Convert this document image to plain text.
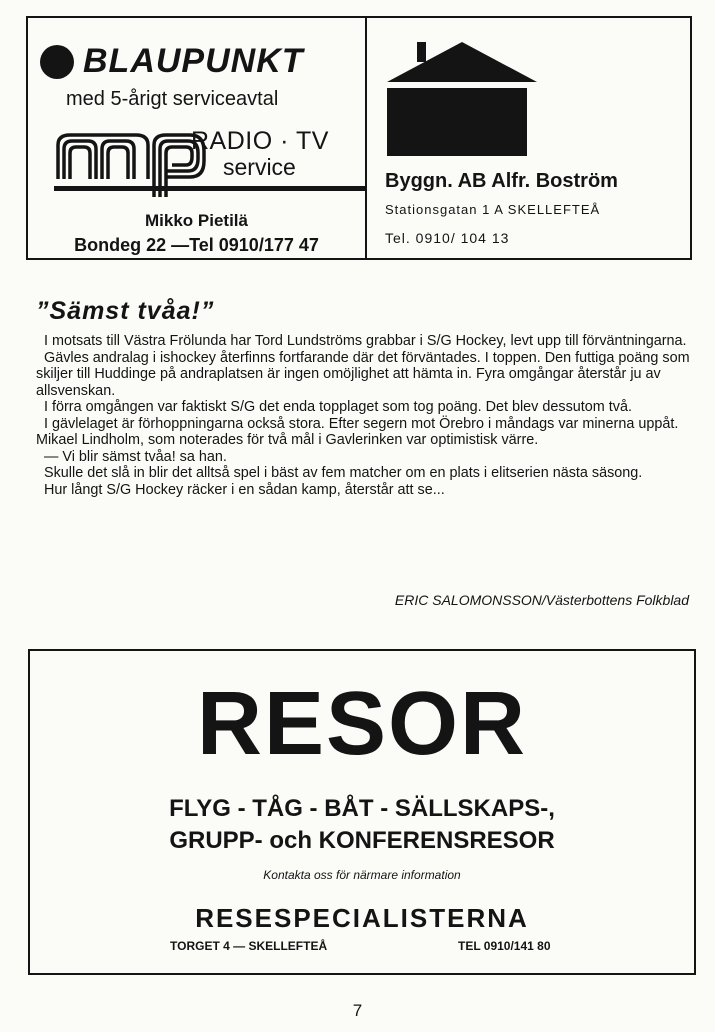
BLAUPUNKT
med 5-årigt serviceavtal
RADIO · TV
service
Mikko Pietilä
Bondeg 22 —Tel 0910/177 47
Byggn. AB Alfr. Boström
Stationsgatan 1 A SKELLEFTEÅ
Tel. 0910/ 104 13
”Sämst tvåa!”

I motsats till Västra Frölunda har Tord Lundströms grabbar i S/G Hockey, levt upp till förväntningarna.

Gävles andralag i ishockey återfinns fortfarande där det förväntades. I toppen. Den futtiga poäng som skiljer till Huddinge på andraplatsen är ingen omöjlighet att hämta in. Fyra omgångar återstår ju av allsvenskan.

I förra omgången var faktiskt S/G det enda topplaget som tog poäng. Det blev dessutom två.

I gävlelaget är förhoppningarna också stora. Efter segern mot Örebro i måndags var minerna uppåt. Mikael Lindholm, som noterades för två mål i Gavlerinken var optimistisk värre.

— Vi blir sämst tvåa! sa han.

Skulle det slå in blir det alltså spel i bäst av fem matcher om en plats i elitserien nästa säsong.

Hur långt S/G Hockey räcker i en sådan kamp, återstår att se...

ERIC SALOMONSSON/Västerbottens Folkblad
RESOR
FLYG - TÅG - BÅT - SÄLLSKAPS-,
GRUPP- och KONFERENSRESOR
Kontakta oss för närmare information
RESESPECIALISTERNA
TORGET 4 — SKELLEFTEÅ	TEL 0910/141 80
7
